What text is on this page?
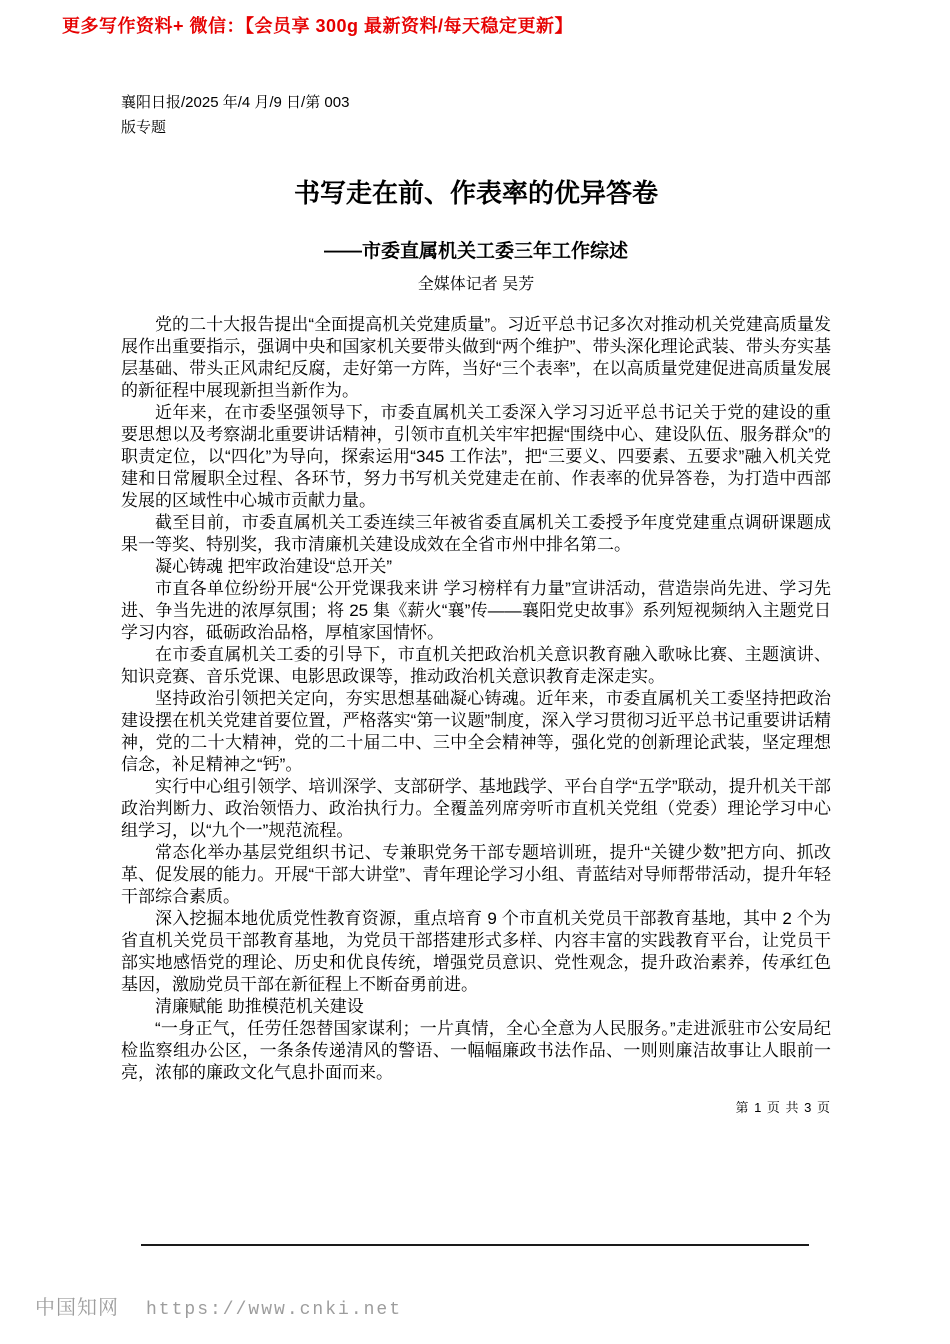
更多写作资料+ 微信：【会员享 300g 最新资料/每天稳定更新】
襄阳日报/2025 年/4 月/9 日/第 003
版专题
书写走在前、作表率的优异答卷
——市委直属机关工委三年工作综述
全媒体记者 吴芳

党的二十大报告提出“全面提高机关党建质量”。习近平总书记多次对推动机关党建高质量发展作出重要指示，强调中央和国家机关要带头做到“两个维护”、带头深化理论武装、带头夯实基层基础、带头正风肃纪反腐，走好第一方阵，当好“三个表率”，在以高质量党建促进高质量发展的新征程中展现新担当新作为。

近年来，在市委坚强领导下，市委直属机关工委深入学习习近平总书记关于党的建设的重要思想以及考察湖北重要讲话精神，引领市直机关牢牢把握“围绕中心、建设队伍、服务群众”的职责定位，以“四化”为导向，探索运用“345 工作法”，把“三要义、四要素、五要求”融入机关党建和日常履职全过程、各环节，努力书写机关党建走在前、作表率的优异答卷，为打造中西部发展的区域性中心城市贡献力量。

截至目前，市委直属机关工委连续三年被省委直属机关工委授予年度党建重点调研课题成果一等奖、特别奖，我市清廉机关建设成效在全省市州中排名第二。

凝心铸魂 把牢政治建设“总开关”

市直各单位纷纷开展“公开党课我来讲 学习榜样有力量”宣讲活动，营造崇尚先进、学习先进、争当先进的浓厚氛围；将 25 集《薪火“襄”传——襄阳党史故事》系列短视频纳入主题党日学习内容，砥砺政治品格，厚植家国情怀。

在市委直属机关工委的引导下，市直机关把政治机关意识教育融入歌咏比赛、主题演讲、知识竞赛、音乐党课、电影思政课等，推动政治机关意识教育走深走实。

坚持政治引领把关定向，夯实思想基础凝心铸魂。近年来，市委直属机关工委坚持把政治建设摆在机关党建首要位置，严格落实“第一议题”制度，深入学习贯彻习近平总书记重要讲话精神，党的二十大精神，党的二十届二中、三中全会精神等，强化党的创新理论武装，坚定理想信念，补足精神之“钙”。

实行中心组引领学、培训深学、支部研学、基地践学、平台自学“五学”联动，提升机关干部政治判断力、政治领悟力、政治执行力。全覆盖列席旁听市直机关党组（党委）理论学习中心组学习，以“九个一”规范流程。

常态化举办基层党组织书记、专兼职党务干部专题培训班，提升“关键少数”把方向、抓改革、促发展的能力。开展“干部大讲堂”、青年理论学习小组、青蓝结对导师帮带活动，提升年轻干部综合素质。

深入挖掘本地优质党性教育资源，重点培育 9 个市直机关党员干部教育基地，其中 2 个为省直机关党员干部教育基地，为党员干部搭建形式多样、内容丰富的实践教育平台，让党员干部实地感悟党的理论、历史和优良传统，增强党员意识、党性观念，提升政治素养，传承红色基因，激励党员干部在新征程上不断奋勇前进。

清廉赋能 助推模范机关建设

“一身正气，任劳任怨替国家谋利；一片真情，全心全意为人民服务。”走进派驻市公安局纪检监察组办公区，一条条传递清风的警语、一幅幅廉政书法作品、一则则廉洁故事让人眼前一亮，浓郁的廉政文化气息扑面而来。

第 1 页 共 3 页
中国知网 https://www.cnki.net
